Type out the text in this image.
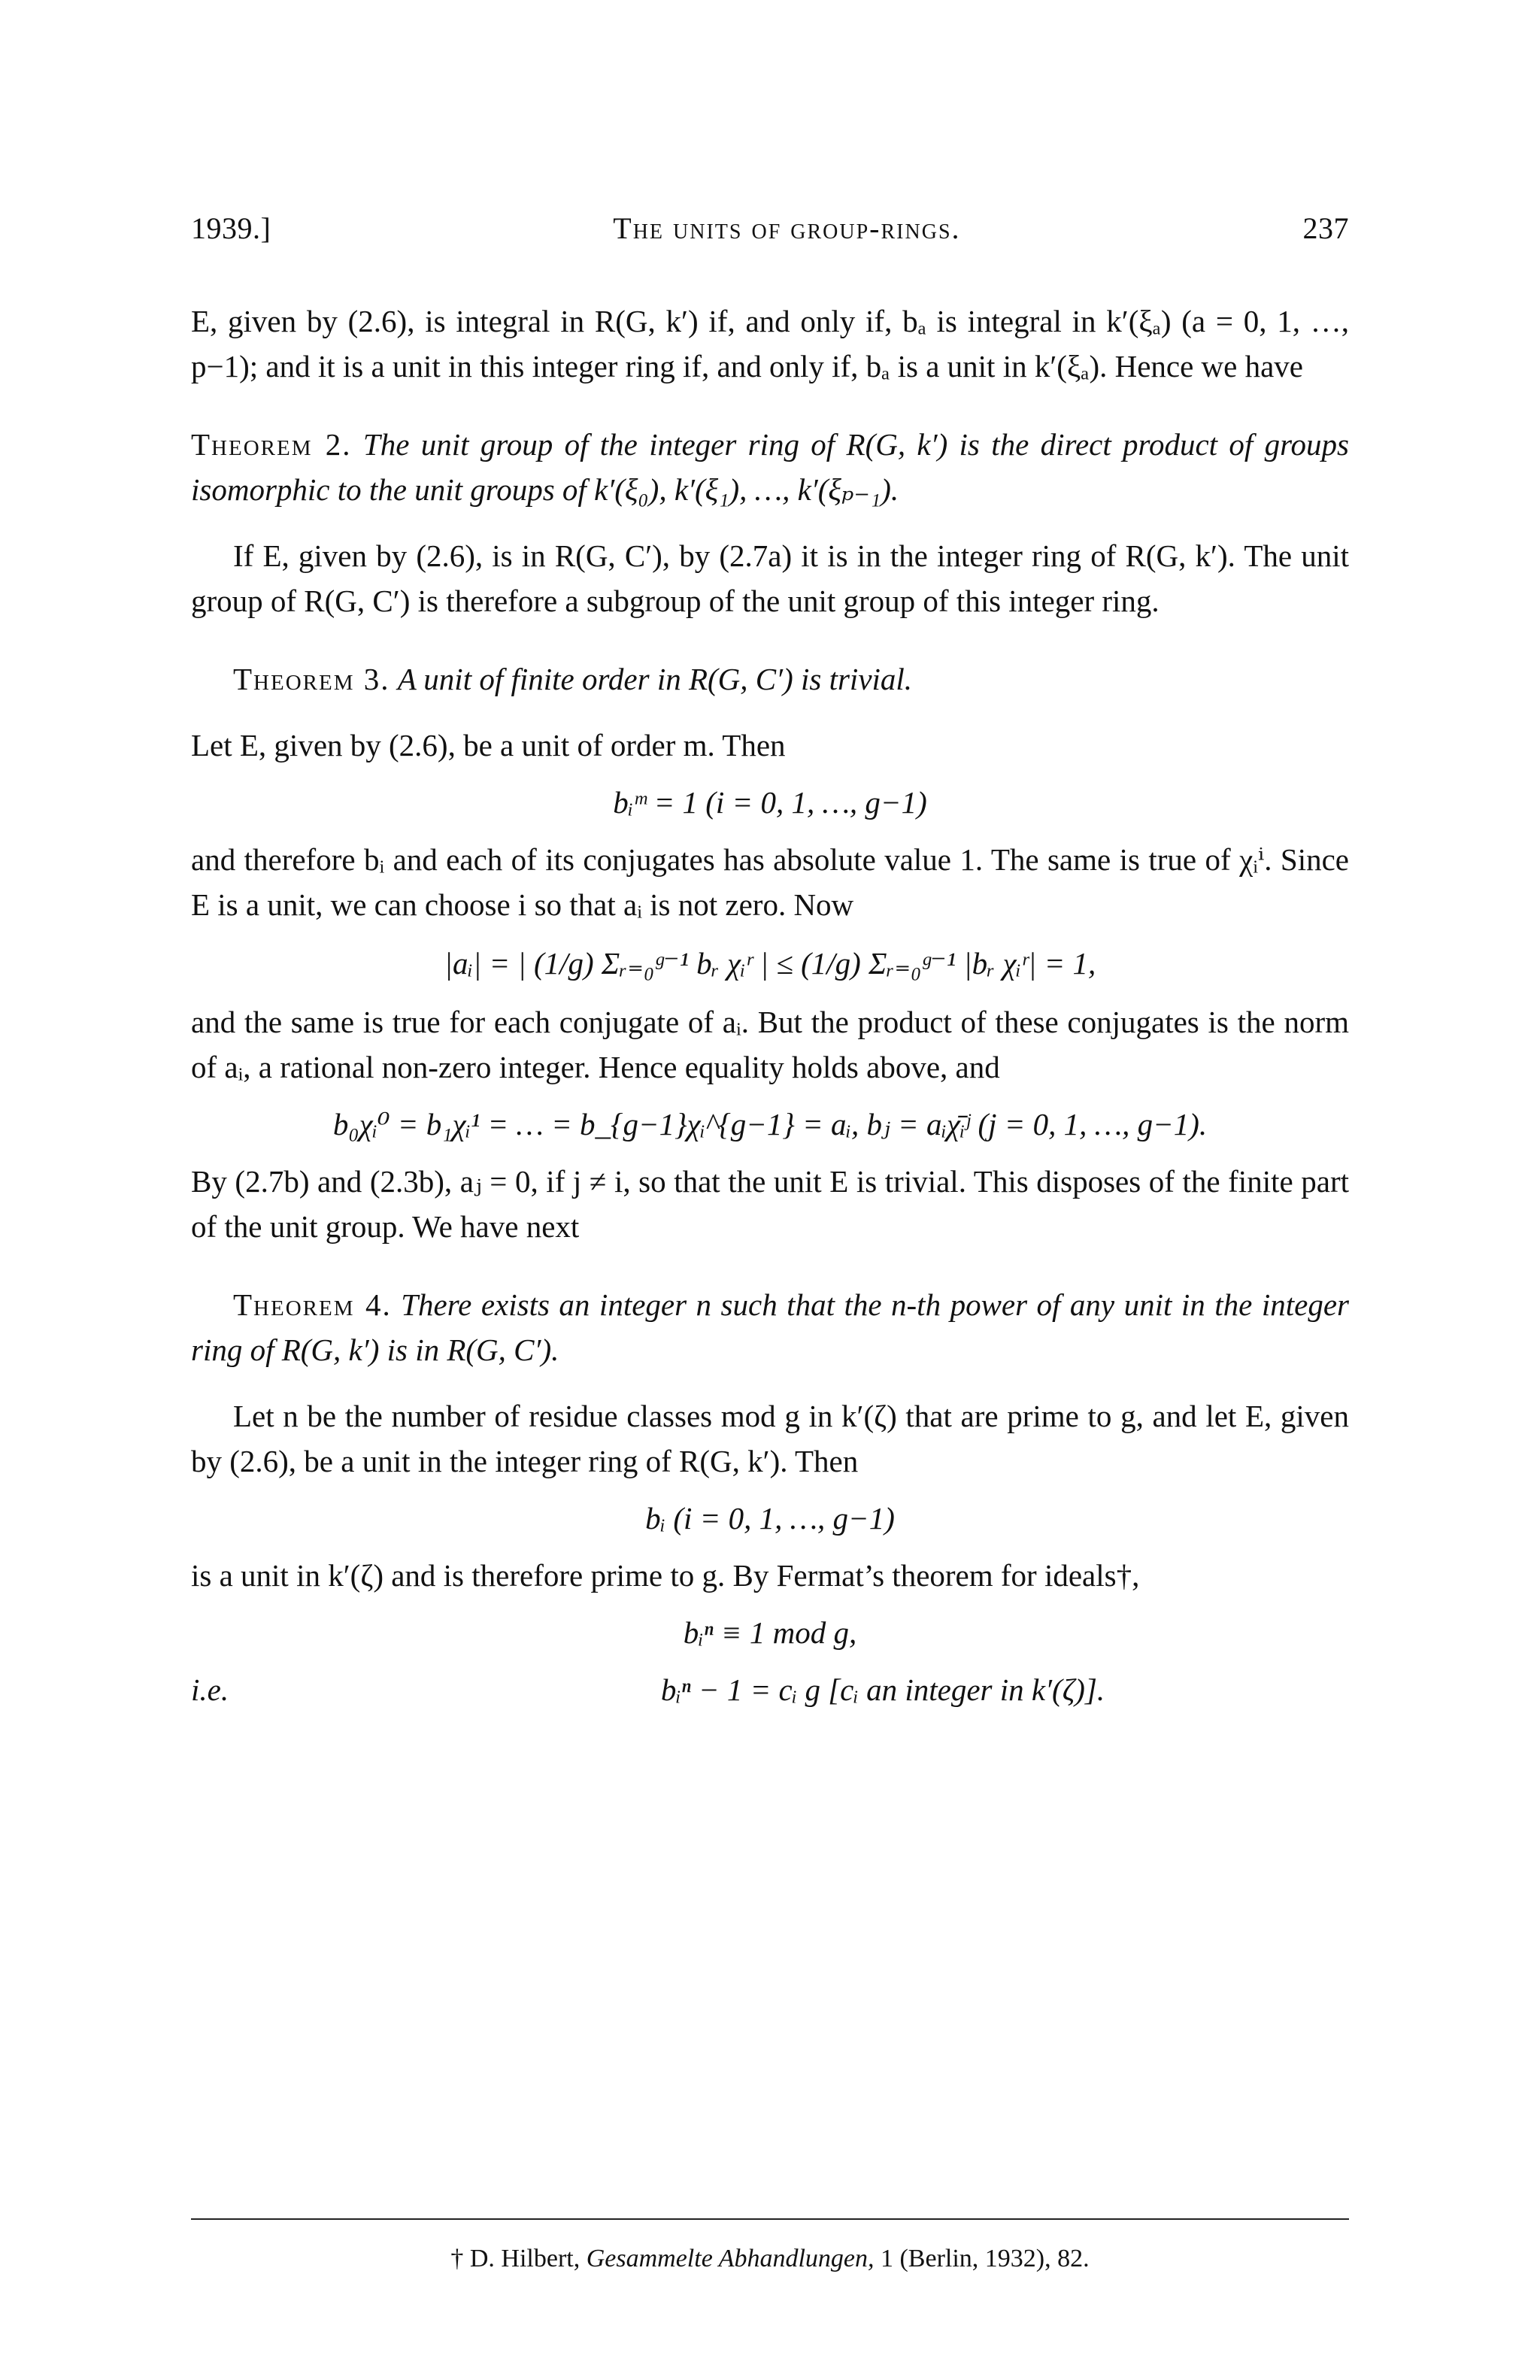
1939.]	The units of group-rings.	237

E, given by (2.6), is integral in R(G, k′) if, and only if, bₐ is integral in k′(ξₐ) (a = 0, 1, …, p−1); and it is a unit in this integer ring if, and only if, bₐ is a unit in k′(ξₐ). Hence we have

Theorem 2. The unit group of the integer ring of R(G, k′) is the direct product of groups isomorphic to the unit groups of k′(ξ₀), k′(ξ₁), …, k′(ξₚ₋₁).

If E, given by (2.6), is in R(G, C′), by (2.7a) it is in the integer ring of R(G, k′). The unit group of R(G, C′) is therefore a subgroup of the unit group of this integer ring.

Theorem 3. A unit of finite order in R(G, C′) is trivial.

Let E, given by (2.6), be a unit of order m. Then

bᵢᵐ = 1 (i = 0, 1, …, g−1)

and therefore bᵢ and each of its conjugates has absolute value 1. The same is true of χᵢⁱ. Since E is a unit, we can choose i so that aᵢ is not zero. Now

|aᵢ| = | (1/g) Σᵣ₌₀ᵍ⁻¹ bᵣ χᵢʳ | ≤ (1/g) Σᵣ₌₀ᵍ⁻¹ |bᵣ χᵢʳ| = 1,

and the same is true for each conjugate of aᵢ. But the product of these conjugates is the norm of aᵢ, a rational non-zero integer. Hence equality holds above, and

b₀χᵢ⁰ = b₁χᵢ¹ = … = b_{g−1}χᵢ^{g−1} = aᵢ, bⱼ = aᵢχ̄ᵢʲ (j = 0, 1, …, g−1).

By (2.7b) and (2.3b), aⱼ = 0, if j ≠ i, so that the unit E is trivial. This disposes of the finite part of the unit group. We have next

Theorem 4. There exists an integer n such that the n-th power of any unit in the integer ring of R(G, k′) is in R(G, C′).

Let n be the number of residue classes mod g in k′(ζ) that are prime to g, and let E, given by (2.6), be a unit in the integer ring of R(G, k′). Then

bᵢ (i = 0, 1, …, g−1)

is a unit in k′(ζ) and is therefore prime to g. By Fermat’s theorem for ideals†,

bᵢⁿ ≡ 1 mod g,
i.e.	bᵢⁿ − 1 = cᵢ g [cᵢ an integer in k′(ζ)].
† D. Hilbert, Gesammelte Abhandlungen, 1 (Berlin, 1932), 82.
